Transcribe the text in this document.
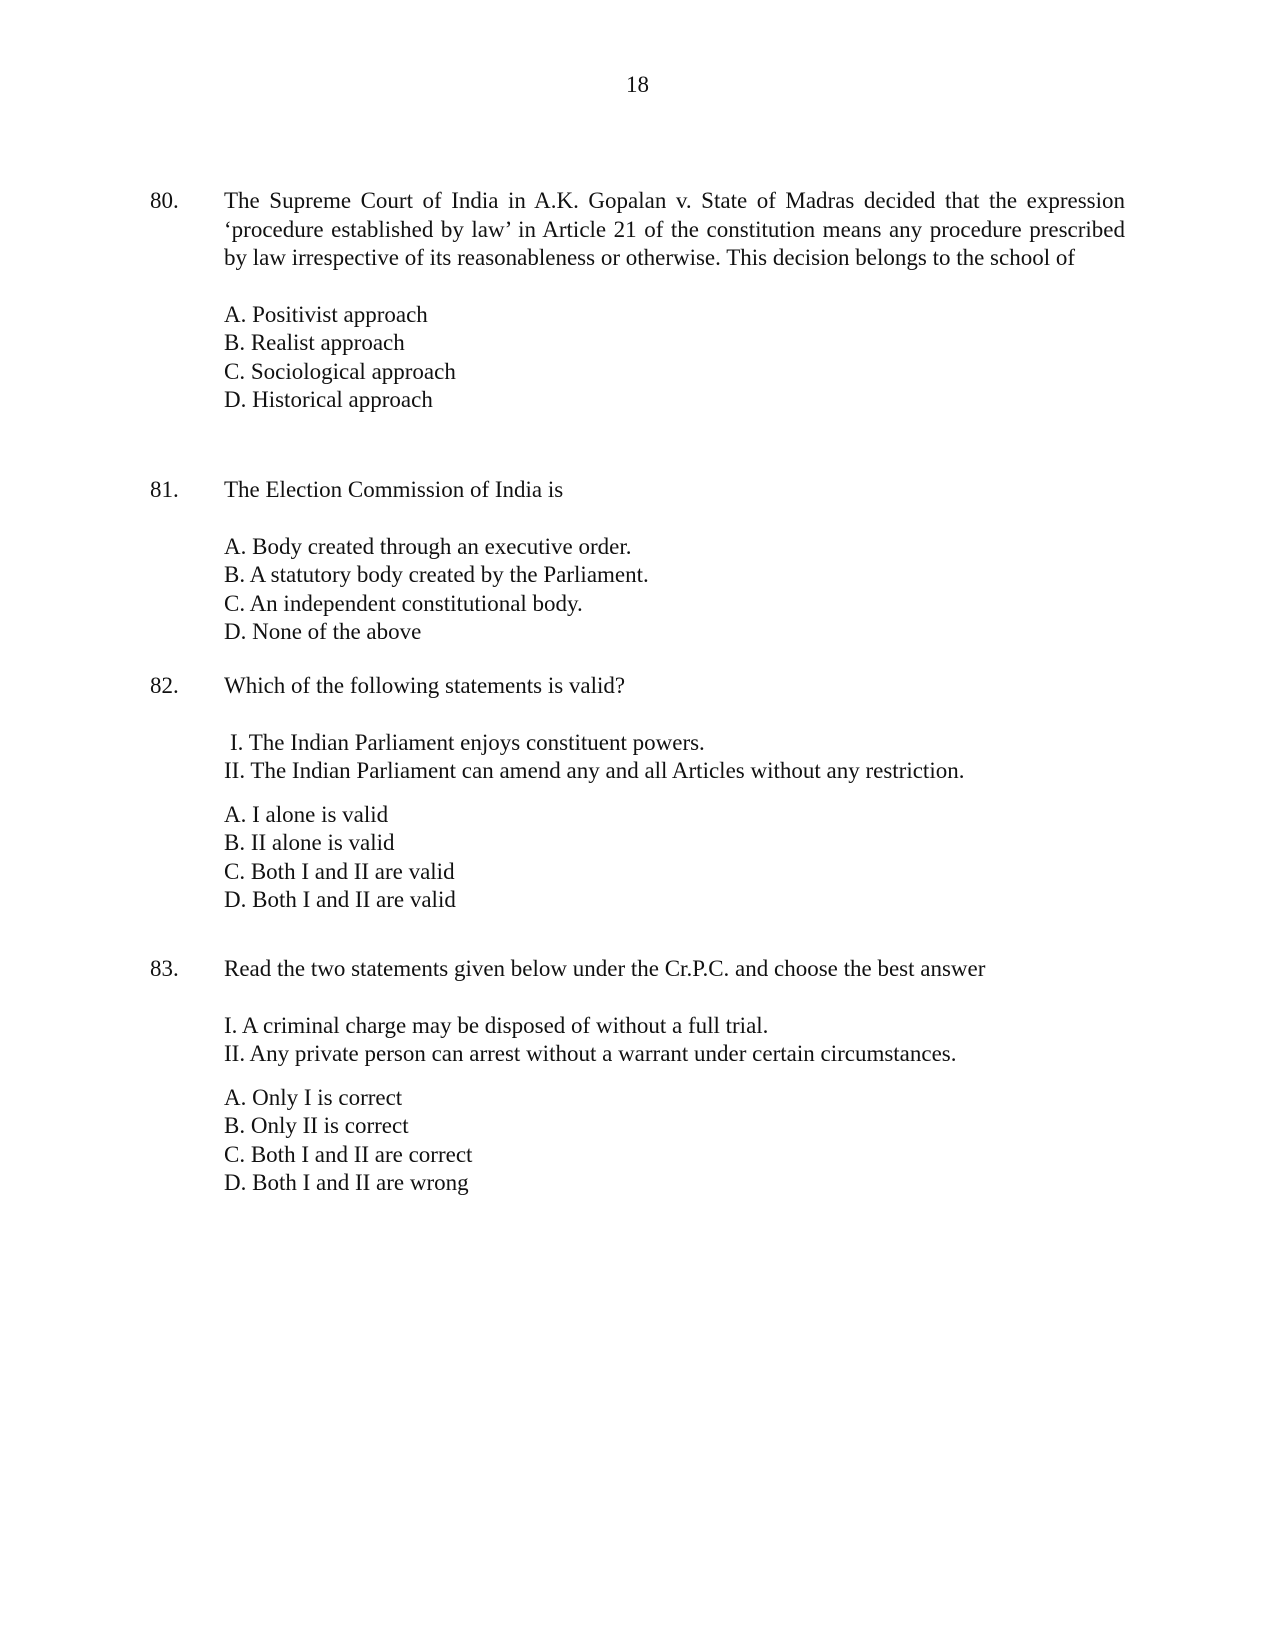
18
80.	The Supreme Court of India in A.K. Gopalan v. State of Madras decided that the expression ‘procedure established by law’ in Article 21 of the constitution means any procedure prescribed by law irrespective of its reasonableness or otherwise. This decision belongs to the school of

A. Positivist approach
B. Realist approach
C. Sociological approach
D. Historical approach
81.	The Election Commission of India is

A. Body created through an executive order.
B. A statutory body created by the Parliament.
C. An independent constitutional body.
D. None of the above
82.	Which of the following statements is valid?

I. The Indian Parliament enjoys constituent powers.
II. The Indian Parliament can amend any and all Articles without any restriction.
A. I alone is valid
B. II alone is valid
C. Both I and II are valid
D. Both I and II are valid
83.	Read the two statements given below under the Cr.P.C. and choose the best answer

I. A criminal charge may be disposed of without a full trial.
II. Any private person can arrest without a warrant under certain circumstances.
A. Only I is correct
B. Only II is correct
C. Both I and II are correct
D. Both I and II are wrong
